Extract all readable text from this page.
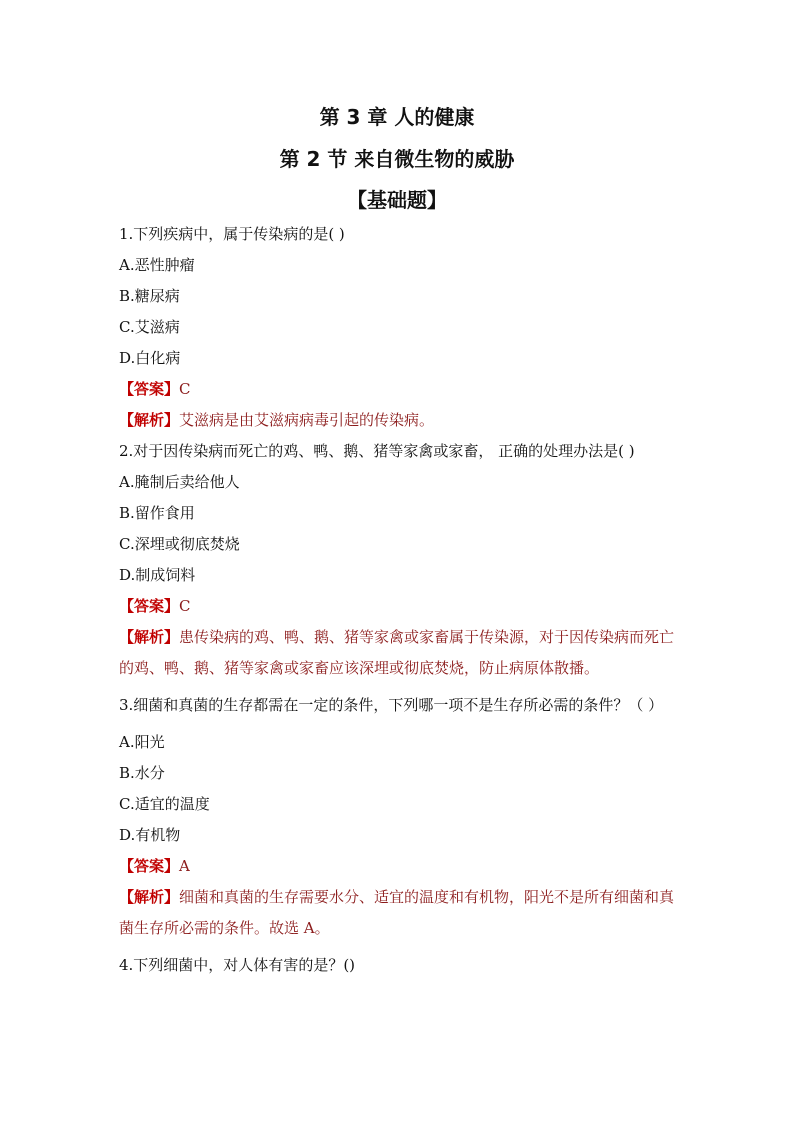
第 3 章 人的健康
第 2 节 来自微生物的威胁
【基础题】
1.下列疾病中，属于传染病的是( )
A.恶性肿瘤
B.糖尿病
C.艾滋病
D.白化病
【答案】C
【解析】艾滋病是由艾滋病病毒引起的传染病。
2.对于因传染病而死亡的鸡、鸭、鹅、猪等家禽或家畜， 正确的处理办法是( )
A.腌制后卖给他人
B.留作食用
C.深埋或彻底焚烧
D.制成饲料
【答案】C
【解析】患传染病的鸡、鸭、鹅、猪等家禽或家畜属于传染源，对于因传染病而死亡的鸡、鸭、鹅、猪等家禽或家畜应该深埋或彻底焚烧，防止病原体散播。
3.细菌和真菌的生存都需在一定的条件，下列哪一项不是生存所必需的条件？（ ）
A.阳光
B.水分
C.适宜的温度
D.有机物
【答案】A
【解析】细菌和真菌的生存需要水分、适宜的温度和有机物，阳光不是所有细菌和真菌生存所必需的条件。故选 A。
4.下列细菌中，对人体有害的是？()
